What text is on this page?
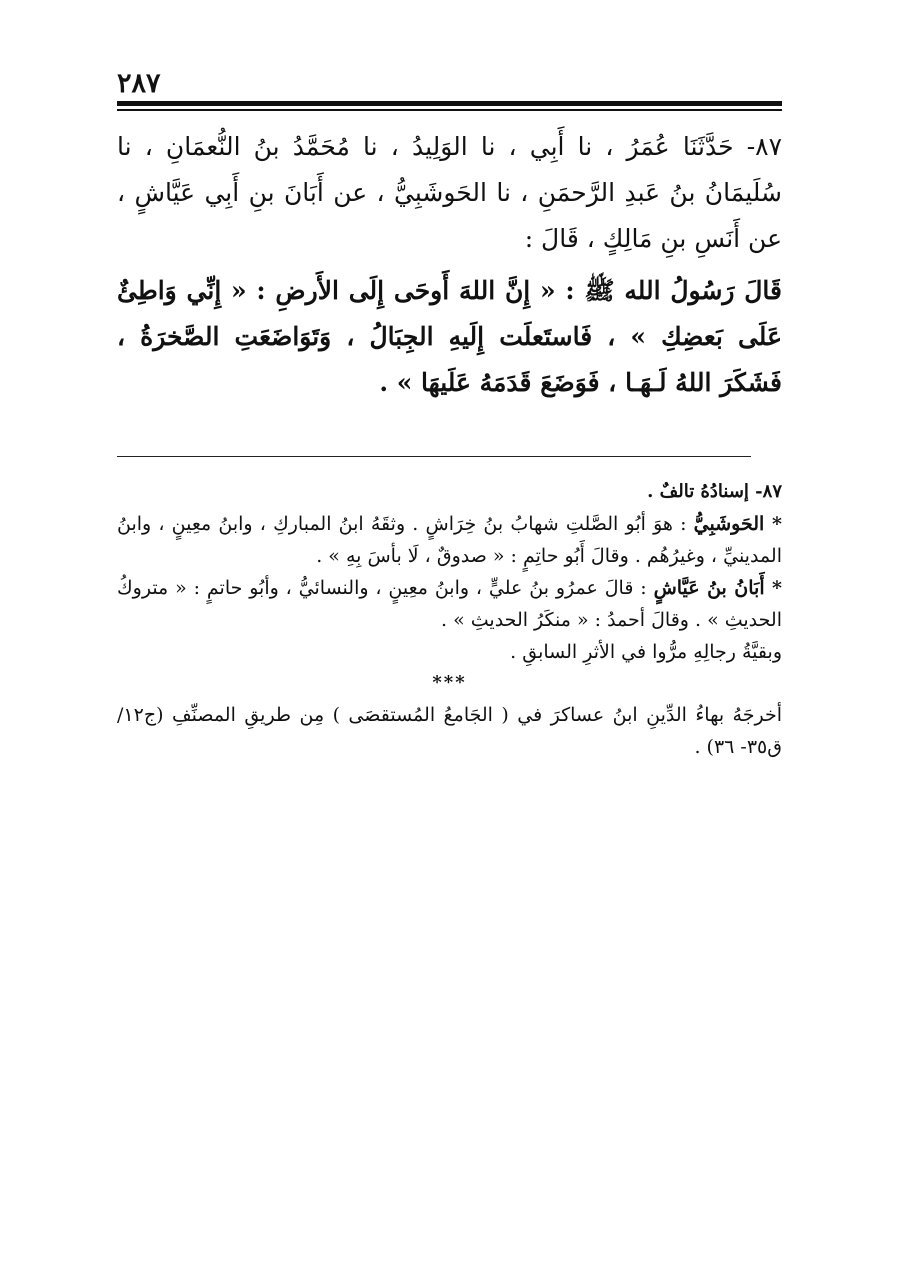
٢٨٧

٨٧- حَدَّثَنَا عُمَرُ ، نا أَبِي ، نا الوَلِيدُ ، نا مُحَمَّدُ بنُ النُّعمَانِ ، نا سُلَيمَانُ بنُ عَبدِ الرَّحمَنِ ، نا الحَوشَبِيُّ ، عن أَبَانَ بنِ أَبِي عَيَّاشٍ ، عن أَنَسِ بنِ مَالِكٍ ، قَالَ :

قَالَ رَسُولُ الله ﷺ : « إِنَّ اللهَ أَوحَى إِلَى الأَرضِ : « إِنِّي وَاطِئٌ عَلَى بَعضِكِ » ، فَاستَعلَت إِلَيهِ الجِبَالُ ، وَتَوَاضَعَتِ الصَّخرَةُ ، فَشَكَرَ اللهُ لَـهَـا ، فَوَضَعَ قَدَمَهُ عَلَيهَا » .

٨٧- إسنادُهُ تالفٌ .

* الحَوشَبِيُّ : هوَ أبُو الصَّلتِ شهابُ بنُ خِرَاشٍ . وثقَهُ ابنُ المباركِ ، وابنُ معِينٍ ، وابنُ المدينيِّ ، وغيرُهُم . وقالَ أَبُو حاتِمٍ : « صدوقٌ ، لَا بأسَ بِهِ » .

* أَبَانُ بنُ عَيَّاشٍ : قالَ عمرُو بنُ عليٍّ ، وابنُ معِينٍ ، والنسائيُّ ، وأبُو حاتمٍ : « متروكُ الحديثِ » . وقالَ أحمدُ : « منكَرُ الحديثِ » .

وبقيَّةُ رجالِهِ مرُّوا في الأثرِ السابقِ .

***

أخرجَهُ بهاءُ الدِّينِ ابنُ عساكرَ في ( الجَامعُ المُستقصَى ) مِن طريقِ المصنِّفِ (ج١٢/ ق٣٥- ٣٦) .
